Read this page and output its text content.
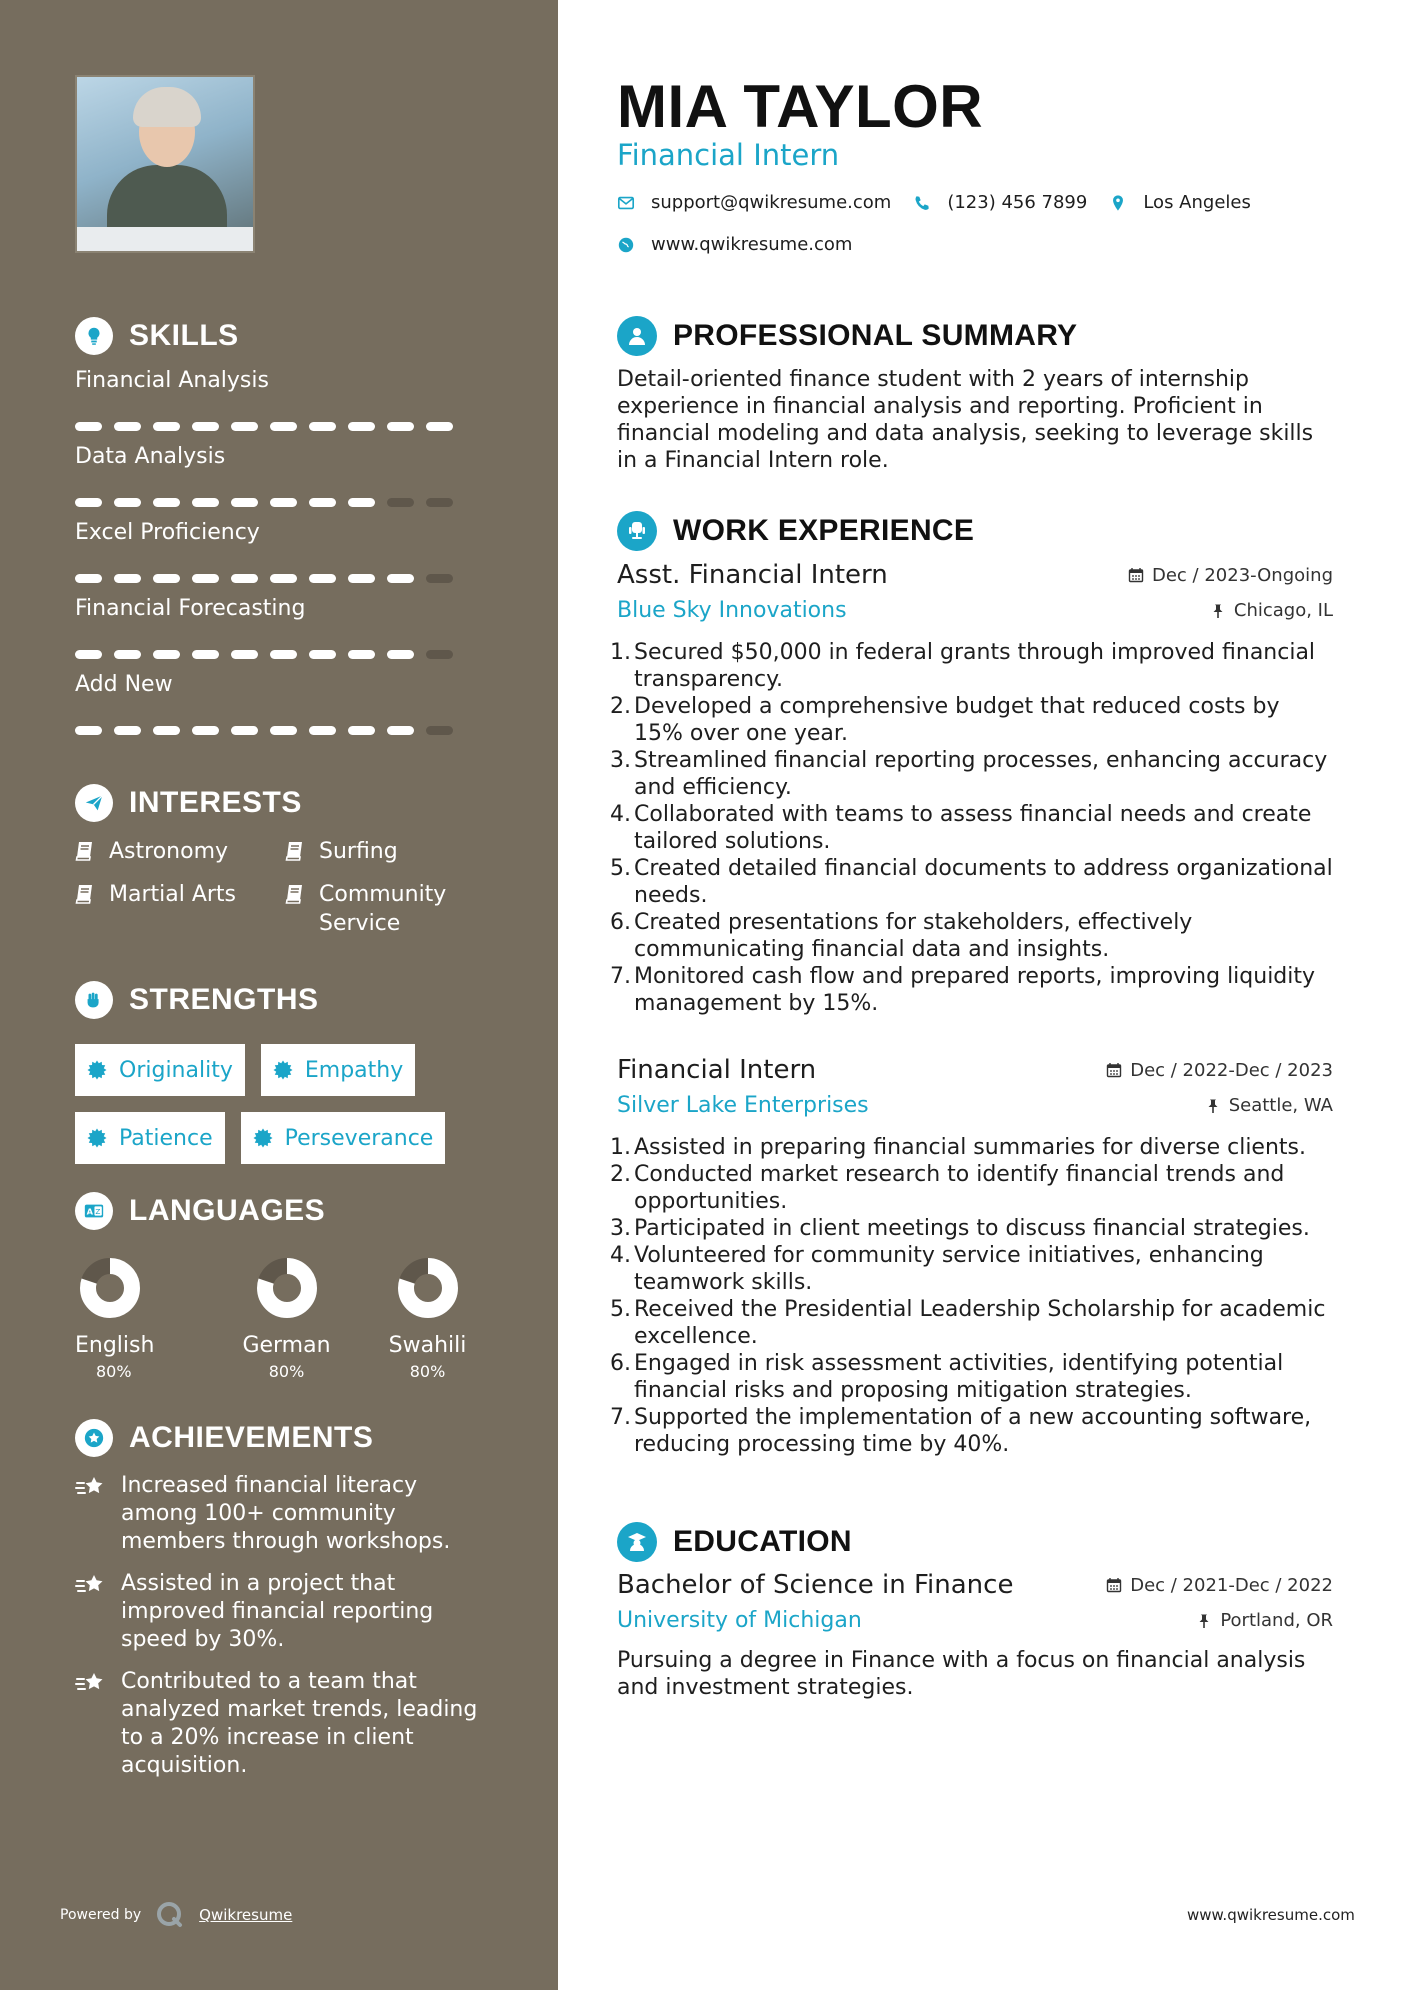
SKILLS
Financial Analysis
Data Analysis
Excel Proficiency
Financial Forecasting
Add New
INTERESTS
Astronomy	Surfing
Martial Arts	Community Service
STRENGTHS
Originality	Empathy
Patience	Perseverance
A Z LANGUAGES
English
80%
German
80%
Swahili
80%
ACHIEVEMENTS
Increased financial literacy among 100+ community members through workshops.
Assisted in a project that improved financial reporting speed by 30%.
Contributed to a team that analyzed market trends, leading to a 20% increase in client acquisition.
Powered by	Qwikresume
MIA TAYLOR
Financial Intern
support@qwikresume.com	(123) 456 7899	Los Angeles
www.qwikresume.com
PROFESSIONAL SUMMARY
Detail-oriented finance student with 2 years of internship experience in financial analysis and reporting. Proficient in financial modeling and data analysis, seeking to leverage skills in a Financial Intern role.
WORK EXPERIENCE
Asst. Financial Intern	Dec / 2023-Ongoing
Blue Sky Innovations	Chicago, IL
1. Secured $50,000 in federal grants through improved financial transparency.
2. Developed a comprehensive budget that reduced costs by 15% over one year.
3. Streamlined financial reporting processes, enhancing accuracy and efficiency.
4. Collaborated with teams to assess financial needs and create tailored solutions.
5. Created detailed financial documents to address organizational needs.
6. Created presentations for stakeholders, effectively communicating financial data and insights.
7. Monitored cash flow and prepared reports, improving liquidity management by 15%.
Financial Intern	Dec / 2022-Dec / 2023
Silver Lake Enterprises	Seattle, WA
1. Assisted in preparing financial summaries for diverse clients.
2. Conducted market research to identify financial trends and opportunities.
3. Participated in client meetings to discuss financial strategies.
4. Volunteered for community service initiatives, enhancing teamwork skills.
5. Received the Presidential Leadership Scholarship for academic excellence.
6. Engaged in risk assessment activities, identifying potential financial risks and proposing mitigation strategies.
7. Supported the implementation of a new accounting software, reducing processing time by 40%.
EDUCATION
Bachelor of Science in Finance	Dec / 2021-Dec / 2022
University of Michigan	Portland, OR
Pursuing a degree in Finance with a focus on financial analysis and investment strategies.
www.qwikresume.com
